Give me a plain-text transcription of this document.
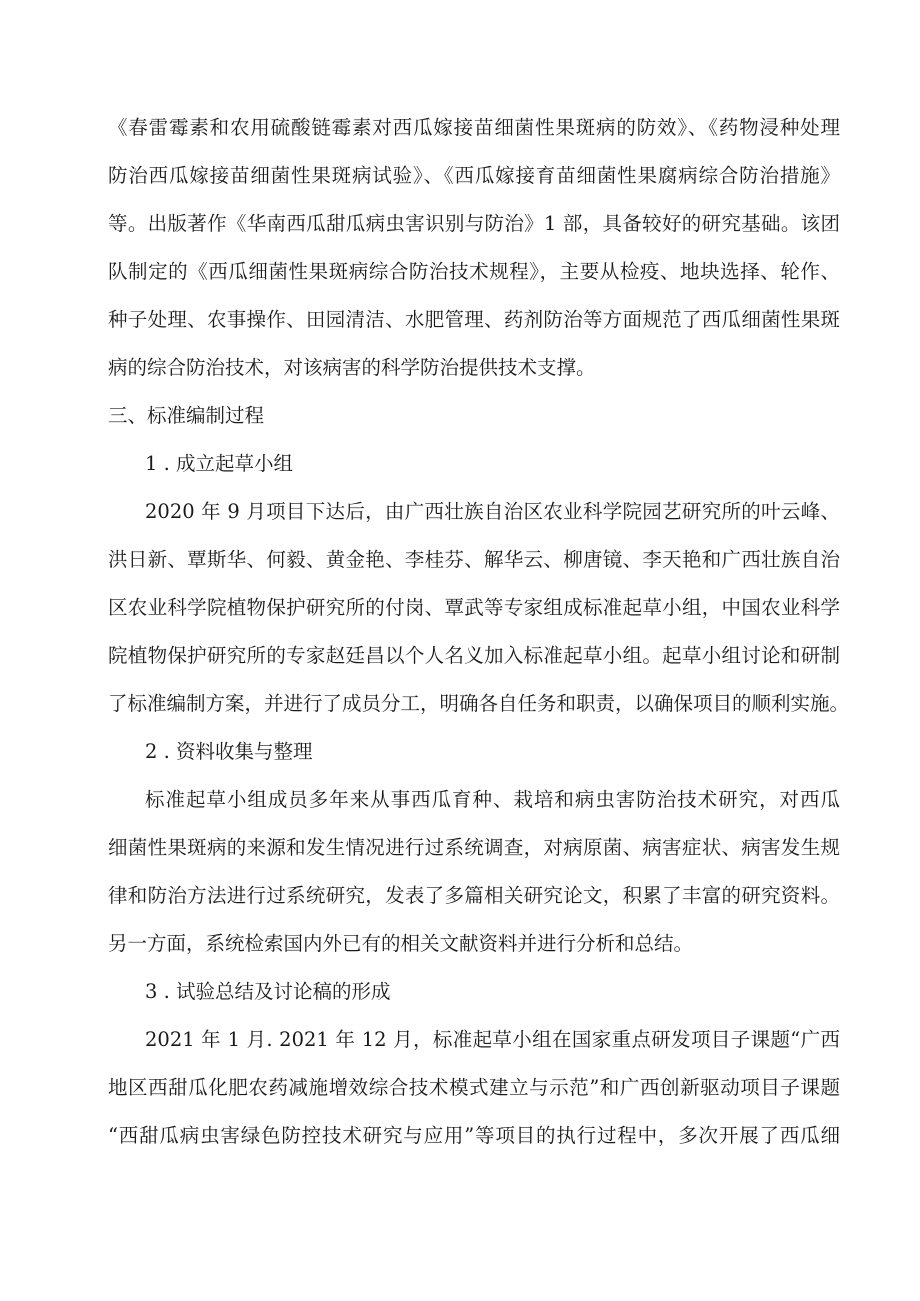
《春雷霉素和农用硫酸链霉素对西瓜嫁接苗细菌性果斑病的防效》、《药物浸种处理
防治西瓜嫁接苗细菌性果斑病试验》、《西瓜嫁接育苗细菌性果腐病综合防治措施》
等。出版著作《华南西瓜甜瓜病虫害识别与防治》1 部，具备较好的研究基础。该团
队制定的《西瓜细菌性果斑病综合防治技术规程》，主要从检疫、地块选择、轮作、
种子处理、农事操作、田园清洁、水肥管理、药剂防治等方面规范了西瓜细菌性果斑
病的综合防治技术，对该病害的科学防治提供技术支撑。
三、标准编制过程
1 . 成立起草小组
2020 年 9 月项目下达后，由广西壮族自治区农业科学院园艺研究所的叶云峰、
洪日新、覃斯华、何毅、黄金艳、李桂芬、解华云、柳唐镜、李天艳和广西壮族自治
区农业科学院植物保护研究所的付岗、覃武等专家组成标准起草小组，中国农业科学
院植物保护研究所的专家赵廷昌以个人名义加入标准起草小组。起草小组讨论和研制
了标准编制方案，并进行了成员分工，明确各自任务和职责，以确保项目的顺利实施。
2 . 资料收集与整理
标准起草小组成员多年来从事西瓜育种、栽培和病虫害防治技术研究，对西瓜
细菌性果斑病的来源和发生情况进行过系统调查，对病原菌、病害症状、病害发生规
律和防治方法进行过系统研究，发表了多篇相关研究论文，积累了丰富的研究资料。
另一方面，系统检索国内外已有的相关文献资料并进行分析和总结。
3 . 试验总结及讨论稿的形成
2021 年 1 月. 2021 年 12 月，标准起草小组在国家重点研发项目子课题“广西
地区西甜瓜化肥农药减施增效综合技术模式建立与示范”和广西创新驱动项目子课题
“西甜瓜病虫害绿色防控技术研究与应用”等项目的执行过程中，多次开展了西瓜细
